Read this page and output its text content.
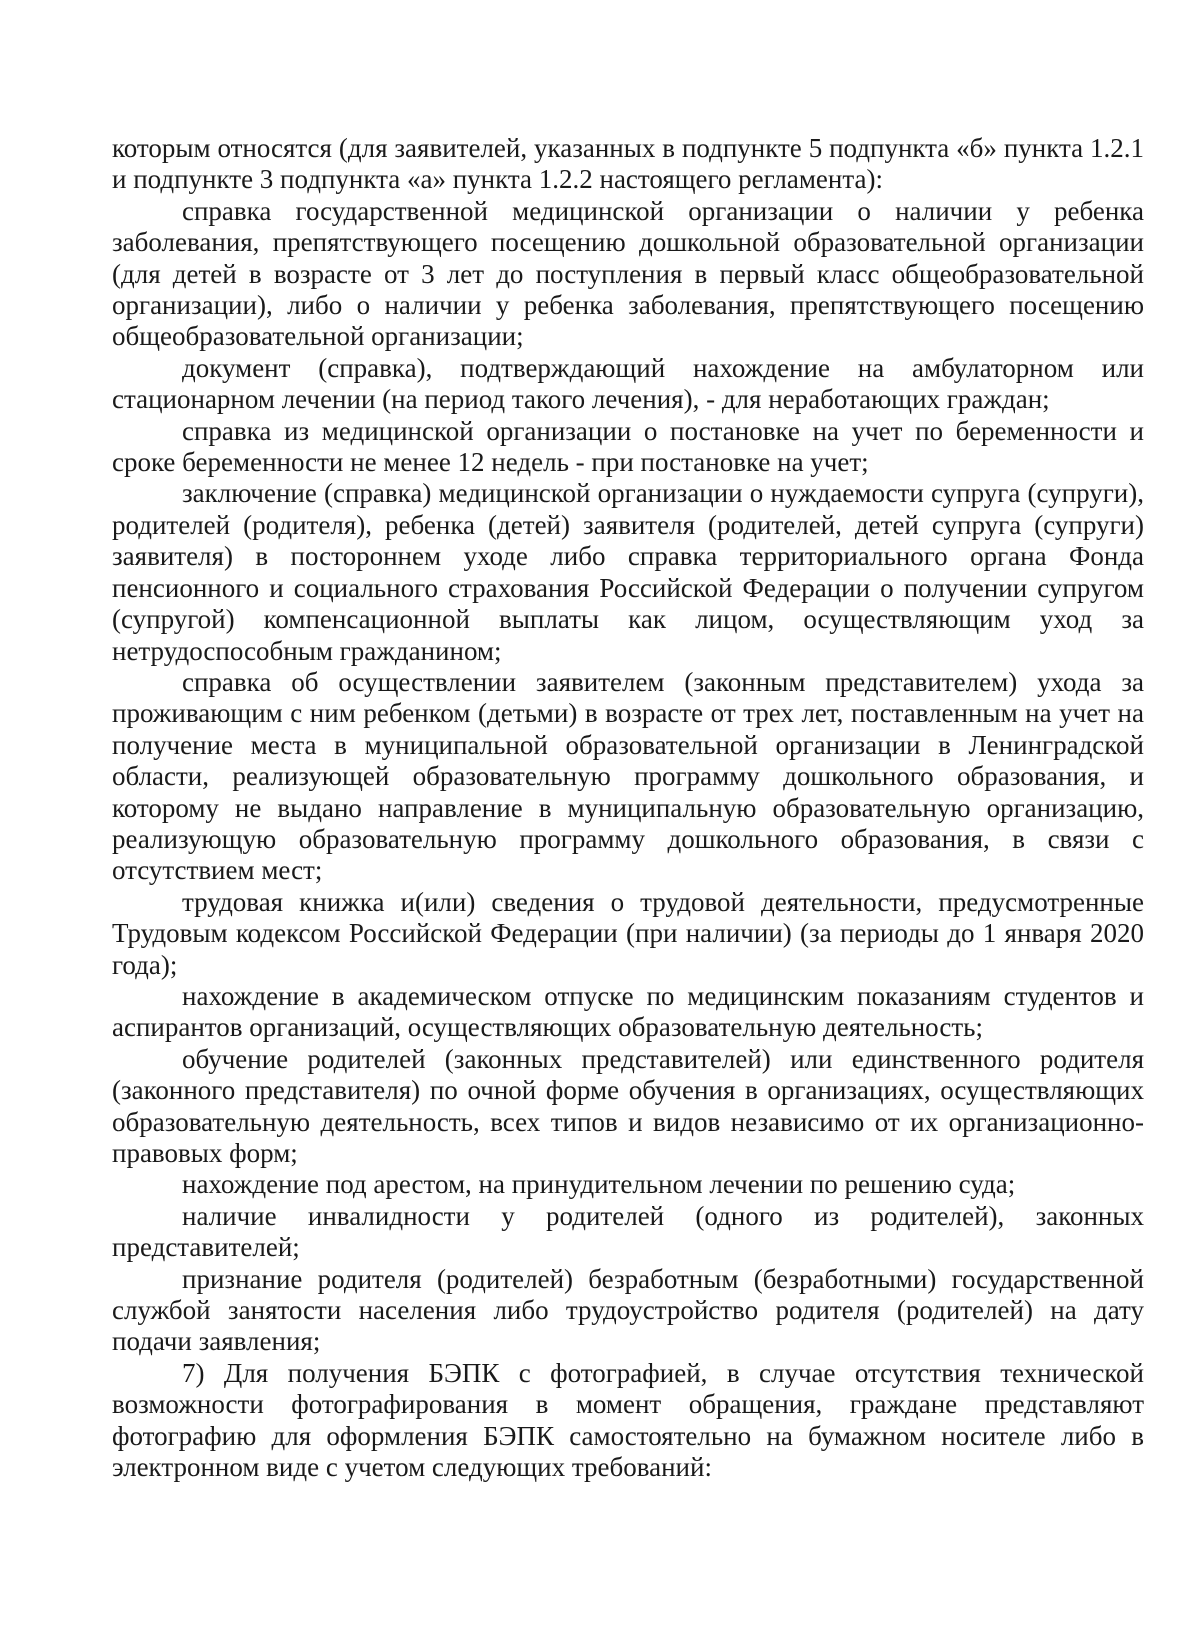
которым относятся (для заявителей, указанных в подпункте 5 подпункта «б» пункта 1.2.1 и подпункте 3 подпункта «а» пункта 1.2.2 настоящего регламента):

справка государственной медицинской организации о наличии у ребенка заболевания, препятствующего посещению дошкольной образовательной организации (для детей в возрасте от 3 лет до поступления в первый класс общеобразовательной организации), либо о наличии у ребенка заболевания, препятствующего посещению общеобразовательной организации;

документ (справка), подтверждающий нахождение на амбулаторном или стационарном лечении (на период такого лечения), - для неработающих граждан;

справка из медицинской организации о постановке на учет по беременности и сроке беременности не менее 12 недель - при постановке на учет;

заключение (справка) медицинской организации о нуждаемости супруга (супруги), родителей (родителя), ребенка (детей) заявителя (родителей, детей супруга (супруги) заявителя) в постороннем уходе либо справка территориального органа Фонда пенсионного и социального страхования Российской Федерации о получении супругом (супругой) компенсационной выплаты как лицом, осуществляющим уход за нетрудоспособным гражданином;

справка об осуществлении заявителем (законным представителем) ухода за проживающим с ним ребенком (детьми) в возрасте от трех лет, поставленным на учет на получение места в муниципальной образовательной организации в Ленинградской области, реализующей образовательную программу дошкольного образования, и которому не выдано направление в муниципальную образовательную организацию, реализующую образовательную программу дошкольного образования, в связи с отсутствием мест;

трудовая книжка и(или) сведения о трудовой деятельности, предусмотренные Трудовым кодексом Российской Федерации (при наличии) (за периоды до 1 января 2020 года);

нахождение в академическом отпуске по медицинским показаниям студентов и аспирантов организаций, осуществляющих образовательную деятельность;

обучение родителей (законных представителей) или единственного родителя (законного представителя) по очной форме обучения в организациях, осуществляющих образовательную деятельность, всех типов и видов независимо от их организационно-правовых форм;

нахождение под арестом, на принудительном лечении по решению суда;

наличие инвалидности у родителей (одного из родителей), законных представителей;

признание родителя (родителей) безработным (безработными) государственной службой занятости населения либо трудоустройство родителя (родителей) на дату подачи заявления;

7) Для получения БЭПК с фотографией, в случае отсутствия технической возможности фотографирования в момент обращения, граждане представляют фотографию для оформления БЭПК самостоятельно на бумажном носителе либо в электронном виде с учетом следующих требований:
